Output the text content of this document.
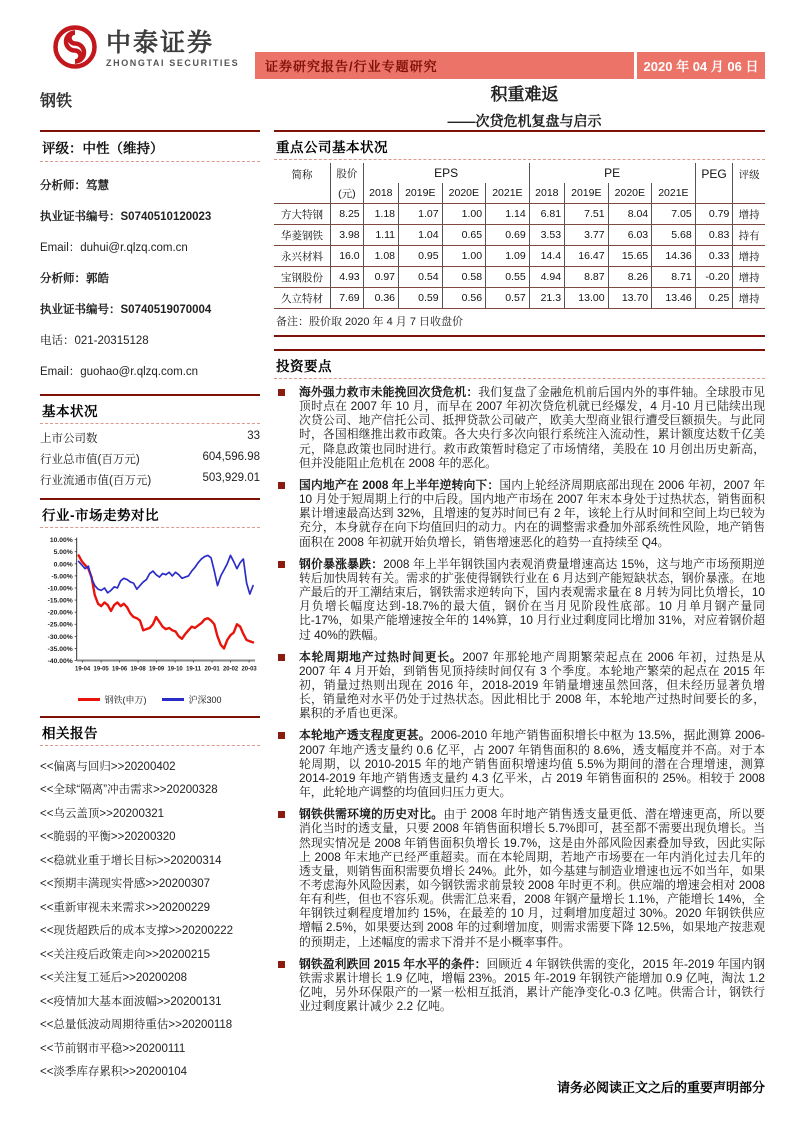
中泰证券
ZHONGTAI SECURITIES	证券研究报告/行业专题研究	2020 年 04 月 06 日
钢铁	积重难返
——次贷危机复盘与启示
评级：中性（维持）

分析师：笃慧

执业证书编号：S0740510120023

Email：duhui@r.qlzq.com.cn

分析师：郭皓

执业证书编号：S0740519070004

电话：021-20315128

Email：guohao@r.qlzq.com.cn

基本状况
上市公司数	33
行业总市值(百万元)	604,596.98
行业流通市值(百万元)	503,929.01
行业-市场走势对比
10.00%
5.00%
0.00%
-5.00%
-10.00%
-15.00%
-20.00%
-25.00%
-30.00%
-35.00%
-40.00%
19-04 19-05 19-06 19-08 19-09 19-10 19-11 20-01 20-02 20-03
钢铁(申万)	沪深300
相关报告
<<偏离与回归>>20200402
<<全球“隔离”冲击需求>>20200328
<<乌云盖顶>>20200321
<<脆弱的平衡>>20200320
<<稳就业重于增长目标>>20200314
<<预期丰满现实骨感>>20200307
<<重新审视未来需求>>20200229
<<现货超跌后的成本支撑>>20200222
<<关注疫后政策走向>>20200215
<<关注复工延后>>20200208
<<疫情加大基本面波幅>>20200131
<<总量低波动周期待重估>>20200118
<<节前钢市平稳>>20200111
<<淡季库存累积>>20200104
重点公司基本状况
简称	股价	EPS				PE				PEG	评级
	(元)	2018	2019E	2020E	2021E	2018	2019E	2020E	2021E		
方大特钢	8.25	1.18	1.07	1.00	1.14	6.81	7.51	8.04	7.05	0.79	增持
华菱钢铁	3.98	1.11	1.04	0.65	0.69	3.53	3.77	6.03	5.68	0.83	持有
永兴材料	16.0	1.08	0.95	1.00	1.09	14.4	16.47	15.65	14.36	0.33	增持
宝钢股份	4.93	0.97	0.54	0.58	0.55	4.94	8.87	8.26	8.71	-0.20	增持
久立特材	7.69	0.36	0.59	0.56	0.57	21.3	13.00	13.70	13.46	0.25	增持
备注：股价取 2020 年 4 月 7 日收盘价
投资要点
海外强力救市未能挽回次贷危机：我们复盘了金融危机前后国内外的事件轴。全球股市见顶时点在 2007 年 10 月，而早在 2007 年初次贷危机就已经爆发，4 月-10 月已陆续出现次贷公司、地产信托公司、抵押贷款公司破产，欧美大型商业银行遭受巨额损失。与此同时，各国相继推出救市政策。各大央行多次向银行系统注入流动性，累计额度达数千亿美元，降息政策也同时进行。救市政策暂时稳定了市场情绪，美股在 10 月创出历史新高，但并没能阻止危机在 2008 年的恶化。
国内地产在 2008 年上半年逆转向下：国内上轮经济周期底部出现在 2006 年初，2007 年 10 月处于短周期上行的中后段。国内地产市场在 2007 年末本身处于过热状态，销售面积累计增速最高达到 32%，且增速的复苏时间已有 2 年，该轮上行从时间和空间上均已较为充分，本身就存在向下均值回归的动力。内在的调整需求叠加外部系统性风险，地产销售面积在 2008 年初就开始负增长，销售增速恶化的趋势一直持续至 Q4。
钢价暴涨暴跌：2008 年上半年钢铁国内表观消费量增速高达 15%，这与地产市场预期逆转后加快周转有关。需求的扩张使得钢铁行业在 6 月达到产能短缺状态，钢价暴涨。在地产最后的开工潮结束后，钢铁需求逆转向下，国内表观需求量在 8 月转为同比负增长，10 月负增长幅度达到-18.7%的最大值，钢价在当月见阶段性底部。10 月单月钢产量同比-17%，如果产能增速按全年的 14%算，10 月行业过剩度同比增加 31%，对应着钢价超过 40%的跌幅。
本轮周期地产过热时间更长。2007 年那轮地产周期繁荣起点在 2006 年初，过热是从 2007 年 4 月开始，到销售见顶持续时间仅有 3 个季度。本轮地产繁荣的起点在 2015 年初，销量过热则出现在 2016 年，2018-2019 年销量增速虽然回落，但未经历显著负增长，销量绝对水平仍处于过热状态。因此相比于 2008 年，本轮地产过热时间要长的多，累积的矛盾也更深。
本轮地产透支程度更甚。2006-2010 年地产销售面积增长中枢为 13.5%，据此测算 2006-2007 年地产透支量约 0.6 亿平，占 2007 年销售面积的 8.6%，透支幅度并不高。对于本轮周期，以 2010-2015 年的地产销售面积增速均值 5.5%为期间的潜在合理增速，测算 2014-2019 年地产销售透支量约 4.3 亿平米，占 2019 年销售面积的 25%。相较于 2008 年，此轮地产调整的均值回归压力更大。
钢铁供需环境的历史对比。由于 2008 年时地产销售透支量更低、潜在增速更高，所以要消化当时的透支量，只要 2008 年销售面积增长 5.7%即可，甚至都不需要出现负增长。当然现实情况是 2008 年销售面积负增长 19.7%，这是由外部风险因素叠加导致，因此实际上 2008 年末地产已经严重超卖。而在本轮周期，若地产市场要在一年内消化过去几年的透支量，则销售面积需要负增长 24%。此外，如今基建与制造业增速也远不如当年，如果不考虑海外风险因素，如今钢铁需求前景较 2008 年时更不利。供应端的增速会相对 2008 年有利些，但也不容乐观。供需汇总来看，2008 年钢产量增长 1.1%，产能增长 14%，全年钢铁过剩程度增加约 15%，在最差的 10 月，过剩增加度超过 30%。2020 年钢铁供应增幅 2.5%，如果要达到 2008 年的过剩增加度，则需求需要下降 12.5%，如果地产按悲观的预期走，上述幅度的需求下滑并不是小概率事件。
钢铁盈利跌回 2015 年水平的条件：回顾近 4 年钢铁供需的变化，2015 年-2019 年国内钢铁需求累计增长 1.9 亿吨，增幅 23%。2015 年-2019 年钢铁产能增加 0.9 亿吨，淘汰 1.2 亿吨，另外环保限产的一紧一松相互抵消，累计产能净变化-0.3 亿吨。供需合计，钢铁行业过剩度累计减少 2.2 亿吨。
请务必阅读正文之后的重要声明部分
